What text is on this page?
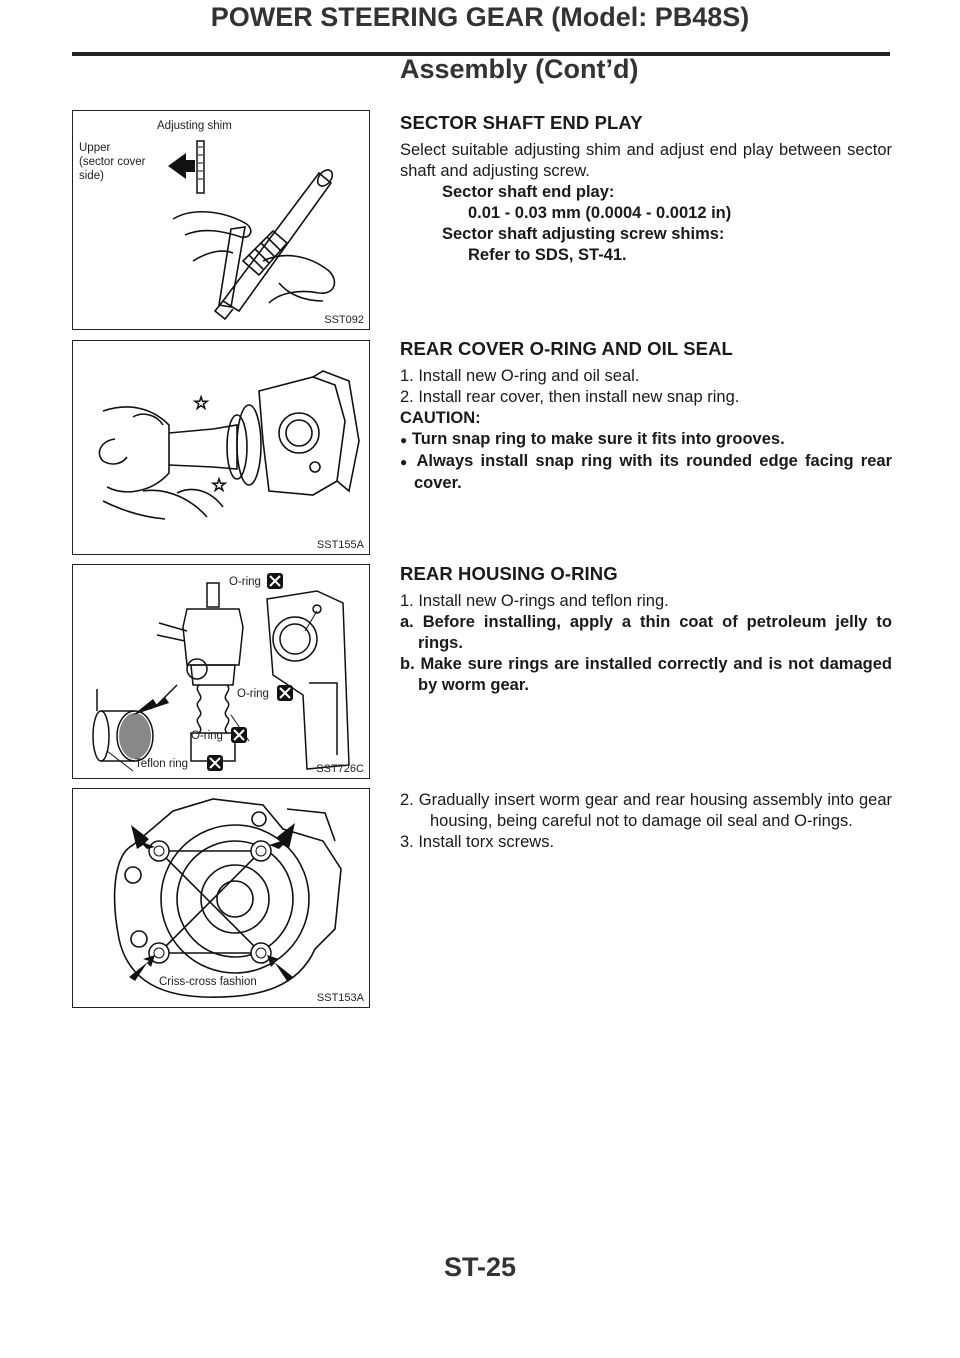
POWER STEERING GEAR (Model: PB48S)
Assembly (Cont’d)
Adjusting shim
Upper
(sector cover
side)
SST092
☆
☆
SST155A
O-ring
O-ring
O-ring
Teflon ring	SST726C
Criss-cross fashion
SST153A
SECTOR SHAFT END PLAY

Select suitable adjusting shim and adjust end play between sector shaft and adjusting screw.

Sector shaft end play:

0.01 - 0.03 mm (0.0004 - 0.0012 in)

Sector shaft adjusting screw shims:

Refer to SDS, ST-41.

REAR COVER O-RING AND OIL SEAL

1. Install new O-ring and oil seal.

2. Install rear cover, then install new snap ring.

CAUTION:

● Turn snap ring to make sure it fits into grooves.

● Always install snap ring with its rounded edge facing rear cover.

REAR HOUSING O-RING

1. Install new O-rings and teflon ring.

a. Before installing, apply a thin coat of petroleum jelly to rings.

b. Make sure rings are installed correctly and is not damaged by worm gear.

2. Gradually insert worm gear and rear housing assembly into gear housing, being careful not to damage oil seal and O-rings.

3. Install torx screws.

ST-25
